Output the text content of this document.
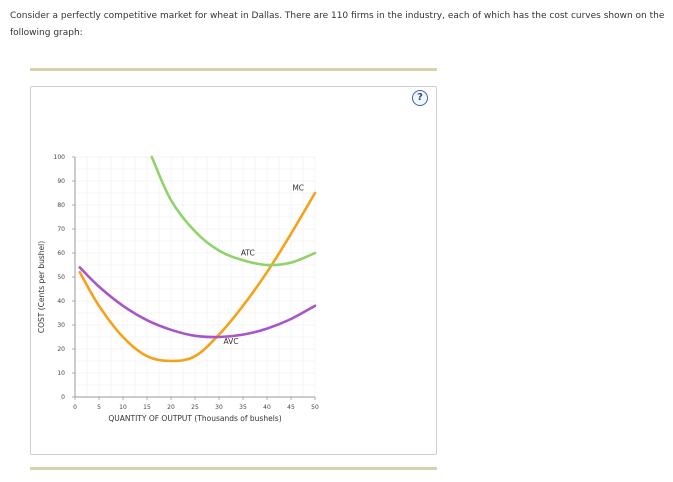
Consider a perfectly competitive market for wheat in Dallas. There are 110 firms in the industry, each of which has the cost curves shown on the following graph:
?
0
10
20
30
40
50
60
70
80
90
100
0	5	10	15	20	25	30	35	40	45	50
MC
ATC
AVC
QUANTITY OF OUTPUT (Thousands of bushels)
COST (Cents per bushel)
